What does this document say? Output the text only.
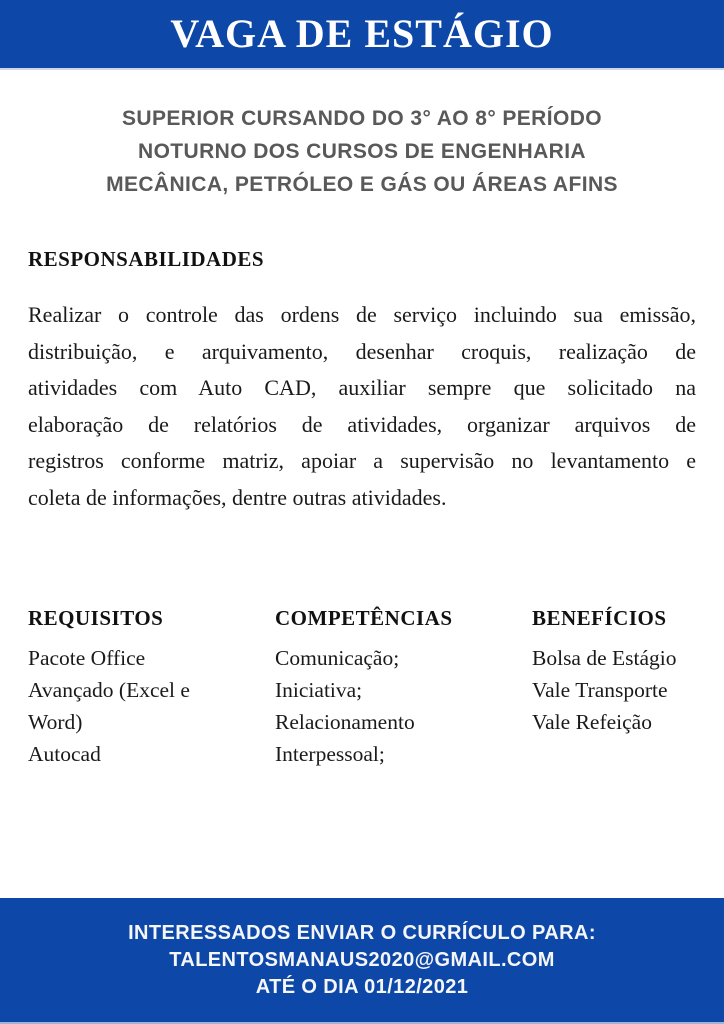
VAGA DE ESTÁGIO
SUPERIOR CURSANDO DO 3° AO 8° PERÍODO
NOTURNO DOS CURSOS DE ENGENHARIA
MECÂNICA, PETRÓLEO E GÁS OU ÁREAS AFINS
RESPONSABILIDADES
Realizar o controle das ordens de serviço incluindo sua emissão,
distribuição, e arquivamento, desenhar croquis, realização de
atividades com Auto CAD, auxiliar sempre que solicitado na
elaboração de relatórios de atividades, organizar arquivos de
registros conforme matriz, apoiar a supervisão no levantamento e
coleta de informações, dentre outras atividades.
REQUISITOS
Pacote Office
Avançado (Excel e
Word)
Autocad
COMPETÊNCIAS
Comunicação;
Iniciativa;
Relacionamento
Interpessoal;
BENEFÍCIOS
Bolsa de Estágio
Vale Transporte
Vale Refeição
INTERESSADOS ENVIAR O CURRÍCULO PARA:
TALENTOSMANAUS2020@GMAIL.COM
ATÉ O DIA 01/12/2021
